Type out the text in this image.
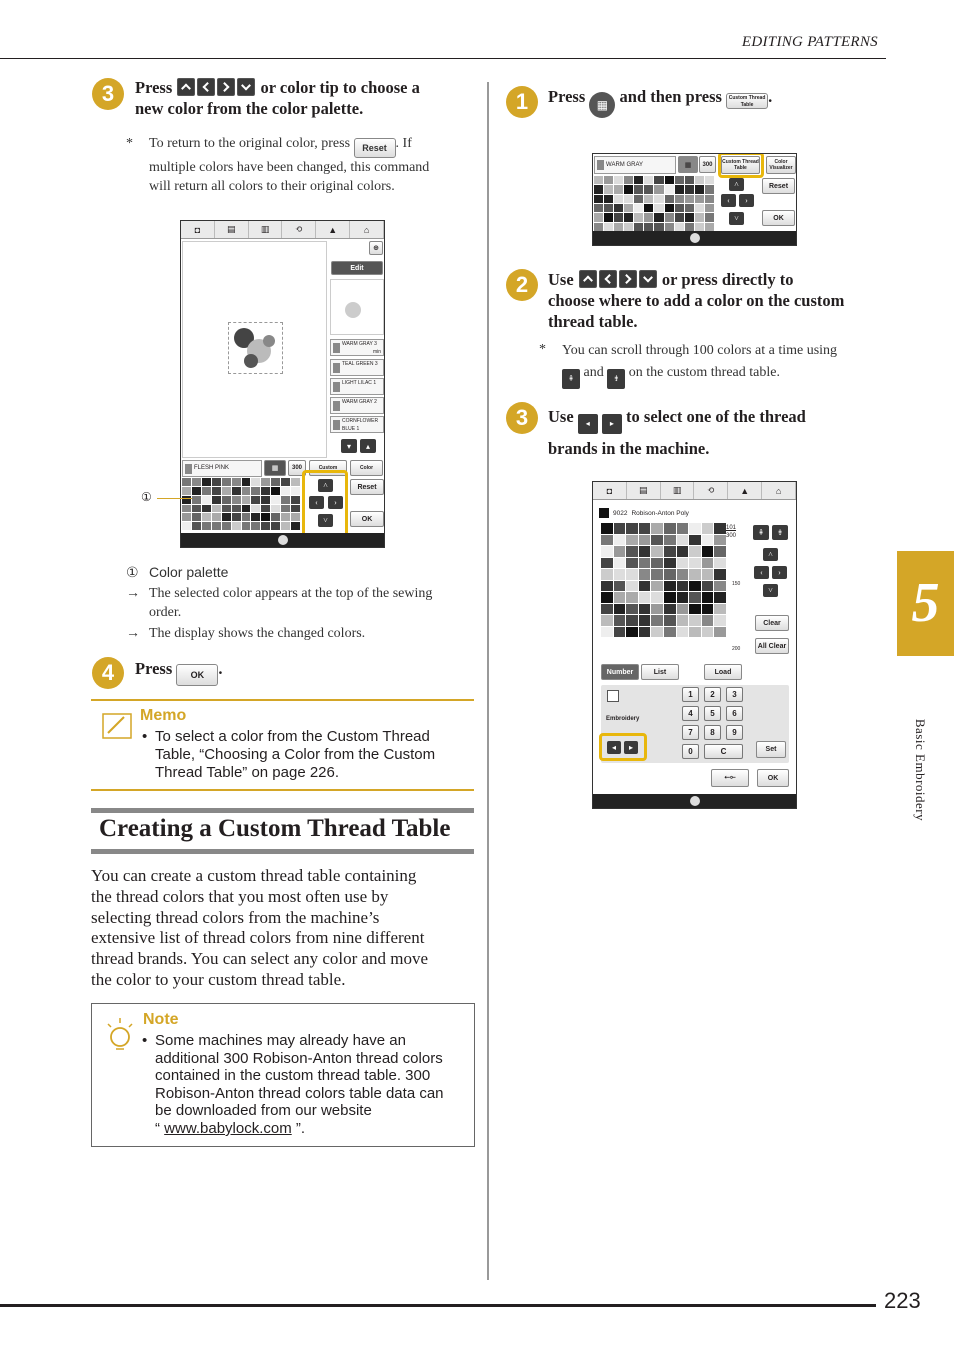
EDITING PATTERNS
3	Press	or color tip to choose a
new color from the color palette.
* To return to the original color, press Reset . If
multiple colors have been changed, this command
will return all colors to their original colors.
◘	▤	▥	⟲	▲	⌂
⊕
Edit
WARM GRAY 3

min
TEAL GREEN 3
LIGHT LILAC 1
WARM GRAY 2
CORNFLOWER BLUE 1
▾	▴
FLESH PINK	▦	300	Custom	Color
˄
‹	›
˅
Reset
OK
①
① Color palette
→ The selected color appears at the top of the sewing
order.
→ The display shows the changed colors.
4	Press OK .
Memo
• To select a color from the Custom Thread
Table, “Choosing a Color from the Custom
Thread Table” on page 226.
Creating a Custom Thread Table
You can create a custom thread table containing
the thread colors that you most often use by
selecting thread colors from the machine’s
extensive list of thread colors from nine different
thread brands. You can select any color and move
the color to your custom thread table.
Note
• Some machines may already have an
additional 300 Robison-Anton thread colors
contained in the custom thread table. 300
Robison-Anton thread colors table data can
be downloaded from our website
“ www.babylock.com ”.
1	Press ▦ and then press Custom Thread Table .
WARM GRAY	▦	300	Custom Thread Table
Color Visualizer
˄
‹	›
˅
Reset
OK
2	Use	or press directly to
choose where to add a color on the custom
thread table.
* You can scroll through 100 colors at a time using
⇞ and ⇟ on the custom thread table.
3	Use ◂	▸ to select one of the thread
brands in the machine.
◘	▤	▥	⟲	▲	⌂
9022 Robison-Anton Poly
101
300
150
200
⇞	⇟
˄
‹	›
˅
Clear
All Clear
Number	List	Load
Embroidery
◂	▸
1	2	3
4	5	6
7	8	9
0	C	Set
⭠⟜	OK
5
Basic Embroidery
223
